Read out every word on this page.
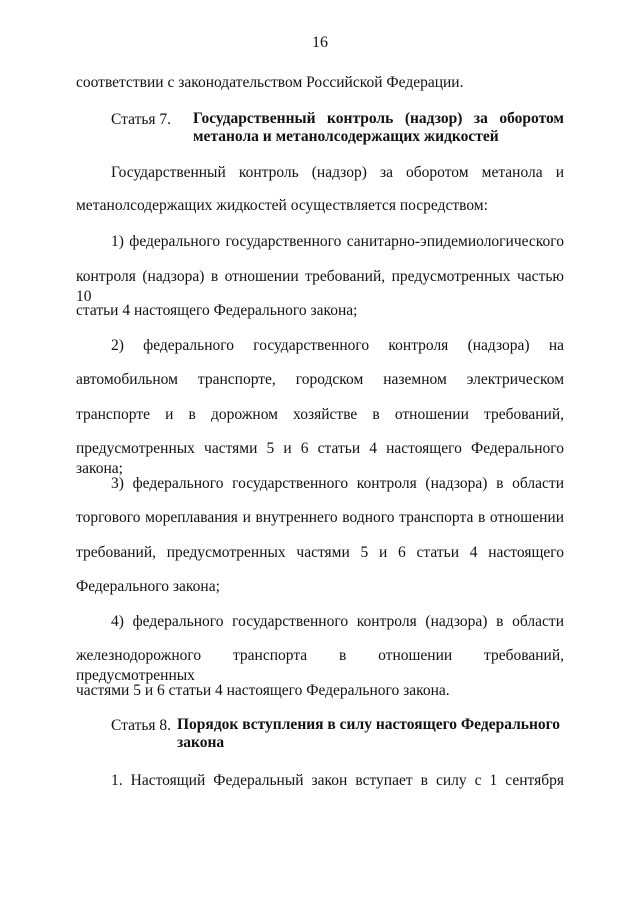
16
соответствии с законодательством Российской Федерации.
Статья 7. Государственный контроль (надзор) за оборотом
метанола и метанолсодержащих жидкостей
Государственный контроль (надзор) за оборотом метанола и
метанолсодержащих жидкостей осуществляется посредством:
1) федерального государственного санитарно-эпидемиологического
контроля (надзора) в отношении требований, предусмотренных частью 10
статьи 4 настоящего Федерального закона;
2) федерального государственного контроля (надзора) на
автомобильном транспорте, городском наземном электрическом
транспорте и в дорожном хозяйстве в отношении требований,
предусмотренных частями 5 и 6 статьи 4 настоящего Федерального закона;
3) федерального государственного контроля (надзора) в области
торгового мореплавания и внутреннего водного транспорта в отношении
требований, предусмотренных частями 5 и 6 статьи 4 настоящего
Федерального закона;
4) федерального государственного контроля (надзора) в области
железнодорожного транспорта в отношении требований, предусмотренных
частями 5 и 6 статьи 4 настоящего Федерального закона.
Статья 8. Порядок вступления в силу настоящего Федерального
закона
1. Настоящий Федеральный закон вступает в силу с 1 сентября
